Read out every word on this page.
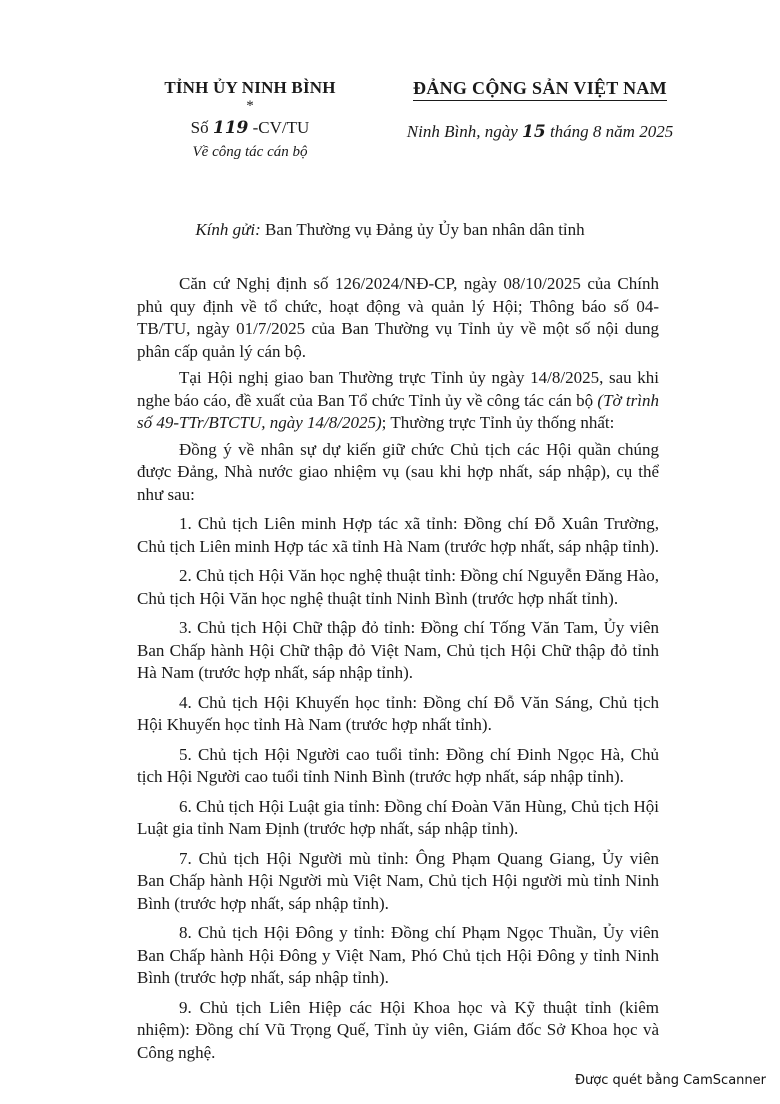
TỈNH ỦY NINH BÌNH
*
Số 119 -CV/TU
Về công tác cán bộ
ĐẢNG CỘNG SẢN VIỆT NAM
Ninh Bình, ngày 15 tháng 8 năm 2025
Kính gửi: Ban Thường vụ Đảng ủy Ủy ban nhân dân tỉnh

Căn cứ Nghị định số 126/2024/NĐ-CP, ngày 08/10/2025 của Chính phủ quy định về tổ chức, hoạt động và quản lý Hội; Thông báo số 04-TB/TU, ngày 01/7/2025 của Ban Thường vụ Tỉnh ủy về một số nội dung phân cấp quản lý cán bộ.

Tại Hội nghị giao ban Thường trực Tỉnh ủy ngày 14/8/2025, sau khi nghe báo cáo, đề xuất của Ban Tổ chức Tỉnh ủy về công tác cán bộ (Tờ trình số 49-TTr/BTCTU, ngày 14/8/2025); Thường trực Tỉnh ủy thống nhất:

Đồng ý về nhân sự dự kiến giữ chức Chủ tịch các Hội quần chúng được Đảng, Nhà nước giao nhiệm vụ (sau khi hợp nhất, sáp nhập), cụ thể như sau:

1. Chủ tịch Liên minh Hợp tác xã tỉnh: Đồng chí Đỗ Xuân Trường, Chủ tịch Liên minh Hợp tác xã tỉnh Hà Nam (trước hợp nhất, sáp nhập tỉnh).

2. Chủ tịch Hội Văn học nghệ thuật tỉnh: Đồng chí Nguyễn Đăng Hào, Chủ tịch Hội Văn học nghệ thuật tỉnh Ninh Bình (trước hợp nhất tỉnh).

3. Chủ tịch Hội Chữ thập đỏ tỉnh: Đồng chí Tống Văn Tam, Ủy viên Ban Chấp hành Hội Chữ thập đỏ Việt Nam, Chủ tịch Hội Chữ thập đỏ tỉnh Hà Nam (trước hợp nhất, sáp nhập tỉnh).

4. Chủ tịch Hội Khuyến học tỉnh: Đồng chí Đỗ Văn Sáng, Chủ tịch Hội Khuyến học tỉnh Hà Nam (trước hợp nhất tỉnh).

5. Chủ tịch Hội Người cao tuổi tỉnh: Đồng chí Đinh Ngọc Hà, Chủ tịch Hội Người cao tuổi tỉnh Ninh Bình (trước hợp nhất, sáp nhập tỉnh).

6. Chủ tịch Hội Luật gia tỉnh: Đồng chí Đoàn Văn Hùng, Chủ tịch Hội Luật gia tỉnh Nam Định (trước hợp nhất, sáp nhập tỉnh).

7. Chủ tịch Hội Người mù tỉnh: Ông Phạm Quang Giang, Ủy viên Ban Chấp hành Hội Người mù Việt Nam, Chủ tịch Hội người mù tỉnh Ninh Bình (trước hợp nhất, sáp nhập tỉnh).

8. Chủ tịch Hội Đông y tỉnh: Đồng chí Phạm Ngọc Thuần, Ủy viên Ban Chấp hành Hội Đông y Việt Nam, Phó Chủ tịch Hội Đông y tỉnh Ninh Bình (trước hợp nhất, sáp nhập tỉnh).

9. Chủ tịch Liên Hiệp các Hội Khoa học và Kỹ thuật tỉnh (kiêm nhiệm): Đồng chí Vũ Trọng Quế, Tỉnh ủy viên, Giám đốc Sở Khoa học và Công nghệ.

Được quét bằng CamScanner
